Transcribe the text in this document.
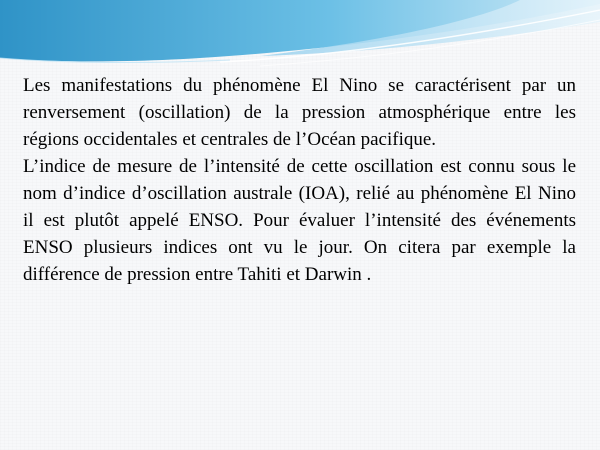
Les manifestations du phénomène El Nino se caractérisent par un renversement (oscillation) de la pression atmosphérique entre les régions occidentales et centrales de l’Océan pacifique.

L’indice de mesure de l’intensité de cette oscillation est connu sous le nom d’indice d’oscillation australe (IOA), relié au phénomène El Nino il est plutôt appelé ENSO. Pour évaluer l’intensité des événements ENSO plusieurs indices ont vu le jour. On citera par exemple la différence de pression entre Tahiti et Darwin .
